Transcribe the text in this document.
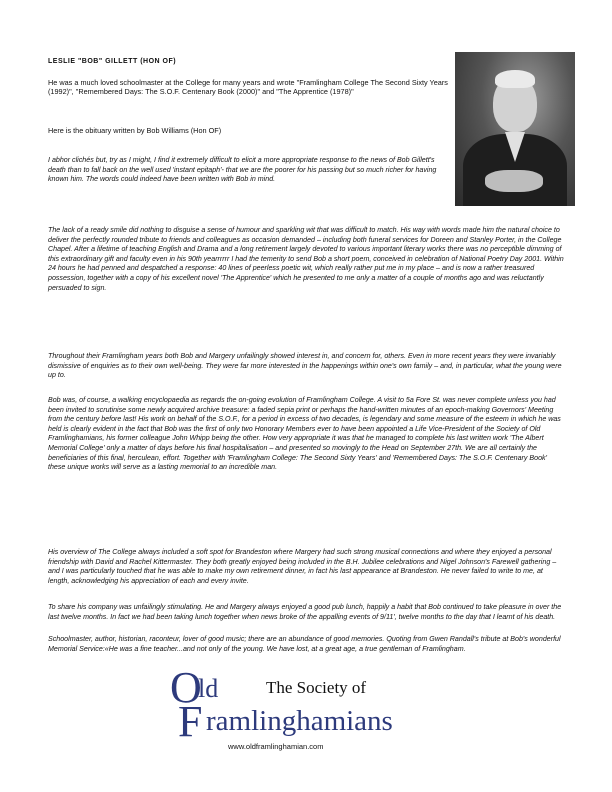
LESLIE "BOB" GILLETT (HON OF)
He was a much loved schoolmaster at the College for many years and wrote "Framlingham College The Second Sixty Years (1992)", "Remembered Days: The S.O.F. Centenary Book (2000)" and "The Apprentice (1978)"
Here is the obituary written by Bob Williams (Hon OF)

I abhor clichés but, try as I might, I find it extremely difficult to elicit a more appropriate response to the news of Bob Gillett's death than to fall back on the well used 'instant epitaph'- that we are the poorer for his passing but so much richer for having known him. The words could indeed have been written with Bob in mind.

The lack of a ready smile did nothing to disguise a sense of humour and sparkling wit that was difficult to match. His way with words made him the natural choice to deliver the perfectly rounded tribute to friends and colleagues as occasion demanded – including both funeral services for Doreen and Stanley Porter, in the College Chapel. After a lifetime of teaching English and Drama and a long retirement largely devoted to various important literary works there was no perceptible dimming of this extraordinary gift and faculty even in his 90th yearrrrrr I had the temerity to send Bob a short poem, conceived in celebration of National Poetry Day 2001. Within 24 hours he had penned and despatched a response: 40 lines of peerless poetic wit, which really rather put me in my place – and is now a rather treasured possession, together with a copy of his excellent novel 'The Apprentice' which he presented to me only a matter of a couple of months ago and was reluctantly persuaded to sign.

Throughout their Framlingham years both Bob and Margery unfailingly showed interest in, and concern for, others. Even in more recent years they were invariably dismissive of enquiries as to their own well-being. They were far more interested in the happenings within one's own family – and, in particular, what the young were up to.

Bob was, of course, a walking encyclopaedia as regards the on-going evolution of Framlingham College. A visit to 5a Fore St. was never complete unless you had been invited to scrutinise some newly acquired archive treasure: a faded sepia print or perhaps the hand-written minutes of an epoch-making Governors' Meeting from the century before last! His work on behalf of the S.O.F., for a period in excess of two decades, is legendary and some measure of the esteem in which he was held is clearly evident in the fact that Bob was the first of only two Honorary Members ever to have been appointed a Life Vice-President of the Society of Old Framlinghamians, his former colleague John Whipp being the other. How very appropriate it was that he managed to complete his last written work 'The Albert Memorial College' only a matter of days before his final hospitalisation – and presented so movingly to the Head on September 27th. We are all certainly the beneficiaries of this final, herculean, effort. Together with 'Framlingham College: The Second Sixty Years' and 'Remembered Days: The S.O.F. Centenary Book' these unique works will serve as a lasting memorial to an incredible man.

His overview of The College always included a soft spot for Brandeston where Margery had such strong musical connections and where they enjoyed a personal friendship with David and Rachel Kittermaster. They both greatly enjoyed being included in the B.H. Jubilee celebrations and Nigel Johnson's Farewell gathering – and I was particularly touched that he was able to make my own retirement dinner, in fact his last appearance at Brandeston. He never failed to write to me, at length, acknowledging his appreciation of each and every invite.

To share his company was unfailingly stimulating. He and Margery always enjoyed a good pub lunch, happily a habit that Bob continued to take pleasure in over the last twelve months. In fact we had been taking lunch together when news broke of the appalling events of 9/11', twelve months to the day that I learnt of his death.

Schoolmaster, author, historian, raconteur, lover of good music; there are an abundance of good memories. Quoting from Gwen Randall's tribute at Bob's wonderful Memorial Service:«He was a fine teacher...and not only of the young. We have lost, at a great age, a true gentleman of Framlingham.

O
ld	The Society of
F ramlinghamians
www.oldframlinghamian.com
